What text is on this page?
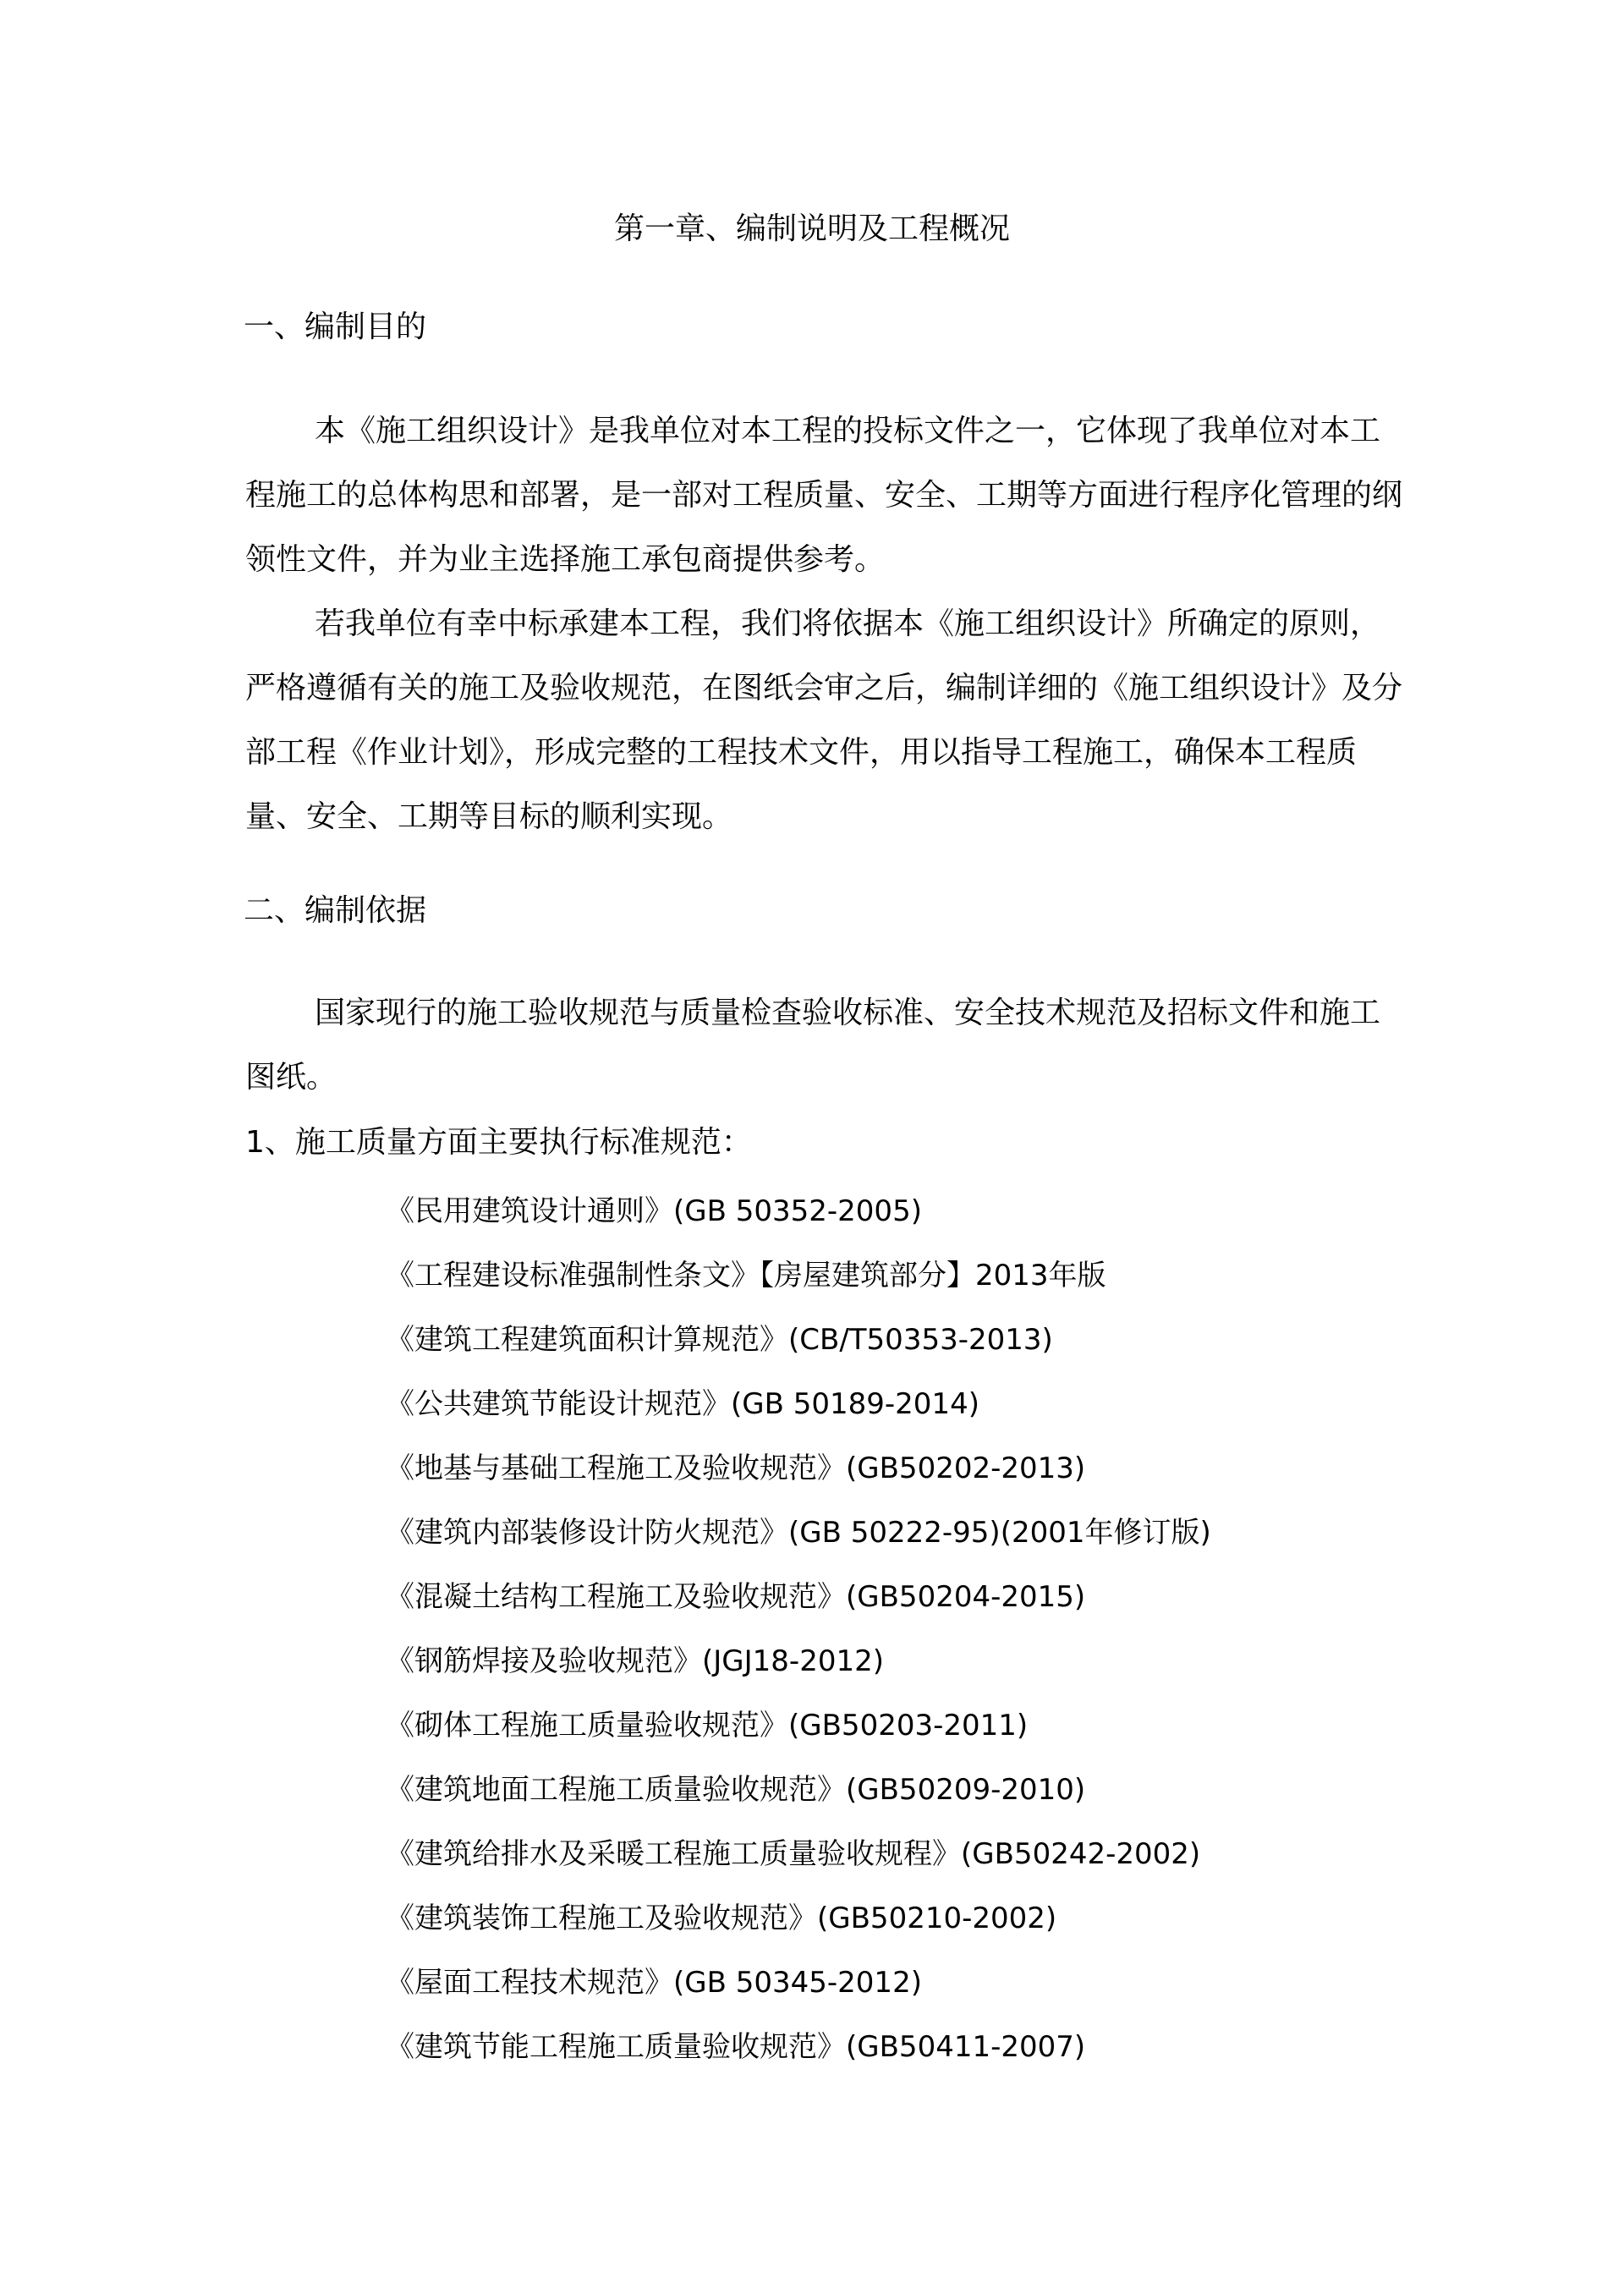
第一章、编制说明及工程概况
一、编制目的
本《施工组织设计》是我单位对本工程的投标文件之一，它体现了我单位对本工程施工的总体构思和部署，是一部对工程质量、安全、工期等方面进行程序化管理的纲领性文件，并为业主选择施工承包商提供参考。
若我单位有幸中标承建本工程，我们将依据本《施工组织设计》所确定的原则，严格遵循有关的施工及验收规范，在图纸会审之后，编制详细的《施工组织设计》及分部工程《作业计划》，形成完整的工程技术文件，用以指导工程施工，确保本工程质量、安全、工期等目标的顺利实现。
二、编制依据
国家现行的施工验收规范与质量检查验收标准、安全技术规范及招标文件和施工图纸。
1、施工质量方面主要执行标准规范：
《民用建筑设计通则》(GB 50352-2005)
《工程建设标准强制性条文》【房屋建筑部分】2013年版
《建筑工程建筑面积计算规范》(CB/T50353-2013)
《公共建筑节能设计规范》(GB 50189-2014)
《地基与基础工程施工及验收规范》(GB50202-2013)
《建筑内部装修设计防火规范》(GB 50222-95)(2001年修订版)
《混凝土结构工程施工及验收规范》(GB50204-2015)
《钢筋焊接及验收规范》(JGJ18-2012)
《砌体工程施工质量验收规范》(GB50203-2011)
《建筑地面工程施工质量验收规范》(GB50209-2010)
《建筑给排水及采暖工程施工质量验收规程》(GB50242-2002)
《建筑装饰工程施工及验收规范》(GB50210-2002)
《屋面工程技术规范》(GB 50345-2012)
《建筑节能工程施工质量验收规范》(GB50411-2007)
